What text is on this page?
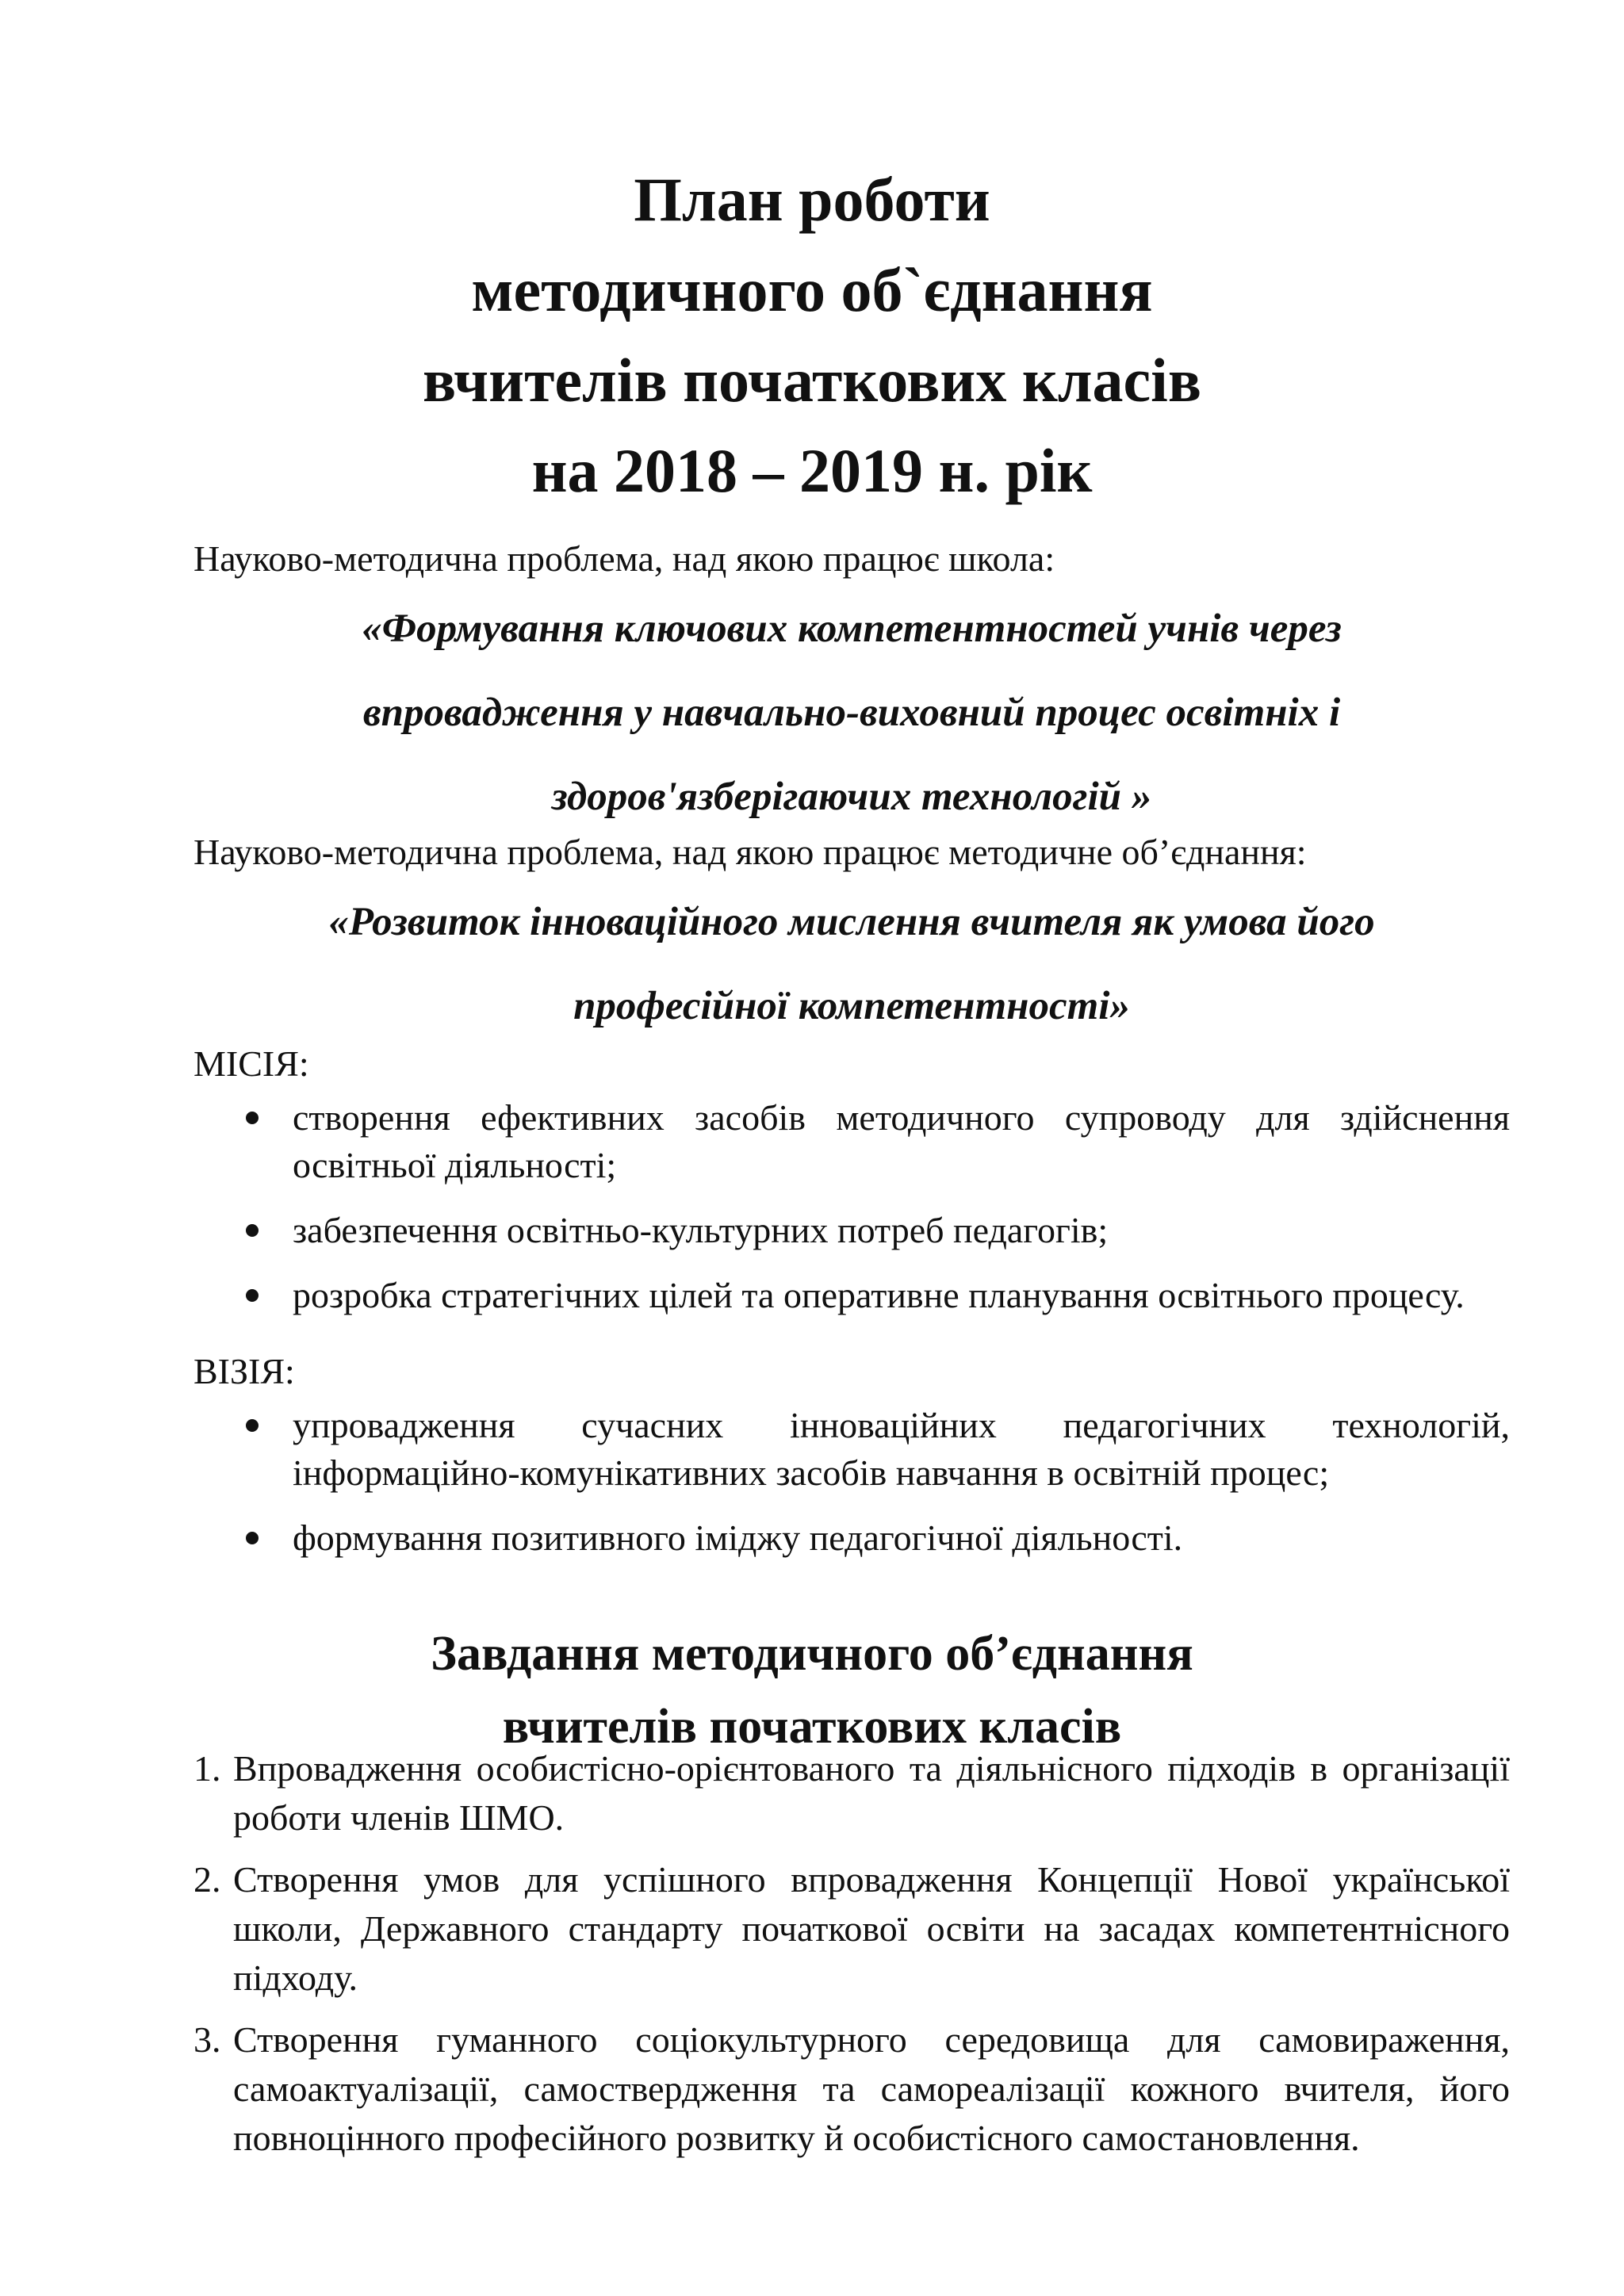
План роботи
методичного об`єднання
вчителів початкових класів
на 2018 – 2019 н. рік
Науково-методична проблема, над якою працює школа:
«Формування ключових компетентностей учнів через
впровадження у навчально-виховний процес освітніх і
здоров'язберігаючих технологій »
Науково-методична проблема, над якою працює методичне об’єднання:
«Розвиток інноваційного мислення вчителя як умова його
професійної компетентності»
МІСІЯ:
створення ефективних засобів методичного супроводу для здійснення освітньої діяльності;
забезпечення освітньо-культурних потреб педагогів;
розробка стратегічних цілей та оперативне планування освітнього процесу.
ВІЗІЯ:
упровадження сучасних інноваційних педагогічних технологій, інформаційно-комунікативних засобів навчання в освітній процес;
формування позитивного іміджу педагогічної діяльності.
Завдання методичного об’єднання
вчителів початкових класів
1. Впровадження особистісно-орієнтованого та діяльнісного підходів в організації роботи членів ШМО.
2. Створення умов для успішного впровадження Концепції Нової української школи, Державного стандарту початкової освіти на засадах компетентнісного підходу.
3. Створення гуманного соціокультурного середовища для самовираження, самоактуалізації, самоствердження та самореалізації кожного вчителя, його повноцінного професійного розвитку й особистісного самостановлення.
